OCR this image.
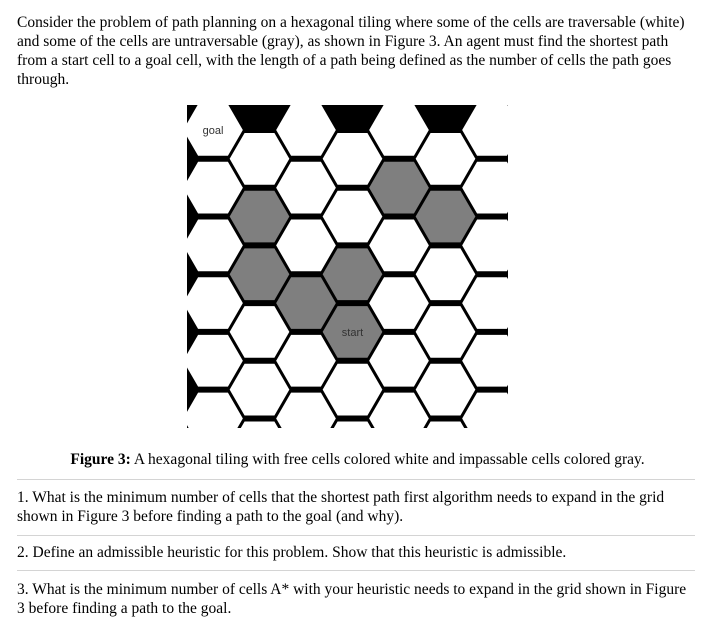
Consider the problem of path planning on a hexagonal tiling where some of the cells are traversable (white) and some of the cells are untraversable (gray), as shown in Figure 3. An agent must find the shortest path from a start cell to a goal cell, with the length of a path being defined as the number of cells the path goes through.

goal
start
Figure 3: A hexagonal tiling with free cells colored white and impassable cells colored gray.
1. What is the minimum number of cells that the shortest path first algorithm needs to expand in the grid shown in Figure 3 before finding a path to the goal (and why).
2. Define an admissible heuristic for this problem. Show that this heuristic is admissible.
3. What is the minimum number of cells A* with your heuristic needs to expand in the grid shown in Figure 3 before finding a path to the goal.
